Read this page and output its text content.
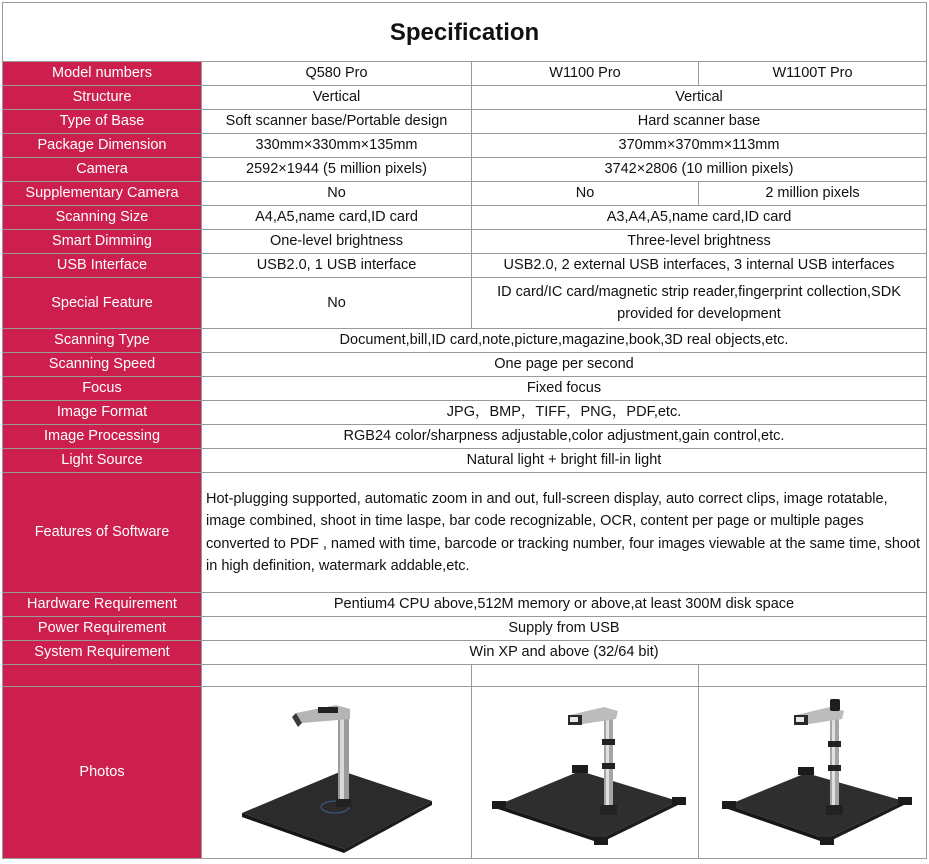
Specification			
Model numbers	Q580 Pro	W1100 Pro	W1100T Pro
Structure	Vertical	Vertical	
Type of Base	Soft scanner base/Portable design	Hard scanner base	
Package Dimension	330mm×330mm×135mm	370mm×370mm×113mm	
Camera	2592×1944 (5 million pixels)	3742×2806 (10 million pixels)	
Supplementary Camera	No	No	2 million pixels
Scanning Size	A4,A5,name card,ID card	A3,A4,A5,name card,ID card	
Smart Dimming	One-level brightness	Three-level brightness	
USB Interface	USB2.0, 1 USB interface	USB2.0, 2 external USB interfaces, 3 internal USB interfaces	
Special Feature	No	ID card/IC card/magnetic strip reader,fingerprint collection,SDK provided for development	
Scanning Type	Document,bill,ID card,note,picture,magazine,book,3D real objects,etc.		
Scanning Speed	One page per second		
Focus	Fixed focus		
Image Format	JPG，BMP，TIFF，PNG，PDF,etc.		
Image Processing	RGB24 color/sharpness adjustable,color adjustment,gain control,etc.		
Light Source	Natural light + bright fill-in light		
Features of Software	Hot-plugging supported, automatic zoom in and out, full-screen display, auto correct clips, image rotatable, image combined, shoot in time laspe, bar code recognizable, OCR, content per page or multiple pages converted to PDF , named with time, barcode or tracking number, four images viewable at the same time, shoot in high definition, watermark addable,etc.		
Hardware Requirement	Pentium4 CPU above,512M memory or above,at least 300M disk space		
Power Requirement	Supply from USB		
System Requirement	Win XP and above (32/64 bit)		

Photos	
